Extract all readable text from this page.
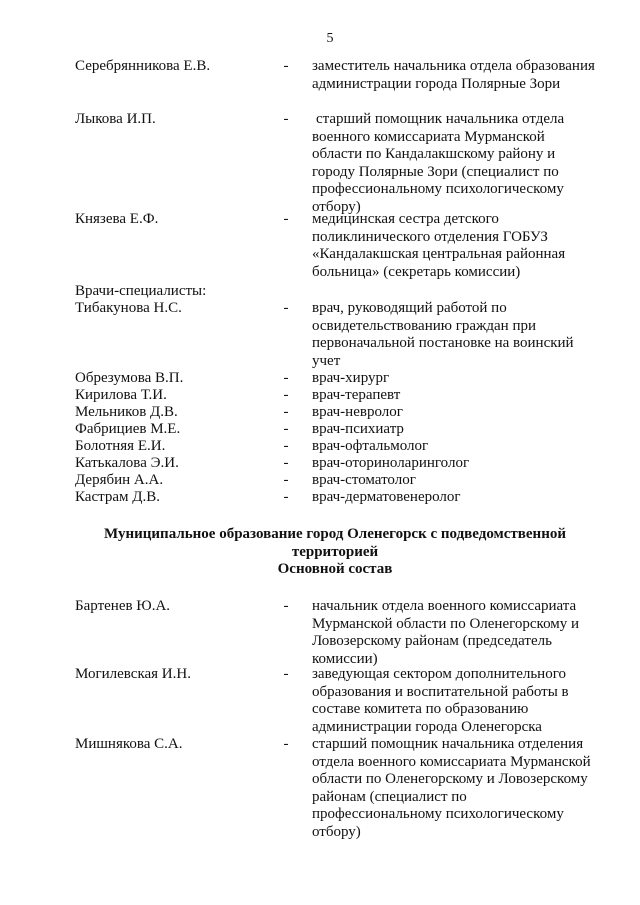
5
Серебрянникова Е.В.	- заместитель начальника отдела образования администрации города Полярные Зори
Лыкова И.П.	- старший помощник начальника отдела военного комиссариата Мурманской области по Кандалакшскому району и городу Полярные Зори (специалист по профессиональному психологическому отбору)
Князева Е.Ф.	- медицинская сестра детского поликлинического отделения ГОБУЗ «Кандалакшская центральная районная больница» (секретарь комиссии)
Врачи-специалисты:
Тибакунова Н.С.	- врач, руководящий работой по освидетельствованию граждан при первоначальной постановке на воинский учет
Обрезумова В.П.	- врач-хирург
Кирилова Т.И.	- врач-терапевт
Мельников Д.В.	- врач-невролог
Фабрициев М.Е.	- врач-психиатр
Болотняя Е.И.	- врач-офтальмолог
Катькалова Э.И.	- врач-оториноларинголог
Дерябин А.А.	- врач-стоматолог
Кастрам Д.В.	- врач-дерматовенеролог
Муниципальное образование город Оленегорск с подведомственной территорией
Основной состав
Бартенев Ю.А.	- начальник отдела военного комиссариата Мурманской области по Оленегорскому и Ловозерскому районам (председатель комиссии)
Могилевская И.Н.	- заведующая сектором дополнительного образования и воспитательной работы в составе комитета по образованию администрации города Оленегорска
Мишнякова С.А.	- старший помощник начальника отделения отдела военного комиссариата Мурманской области по Оленегорскому и Ловозерскому районам (специалист по профессиональному психологическому отбору)
